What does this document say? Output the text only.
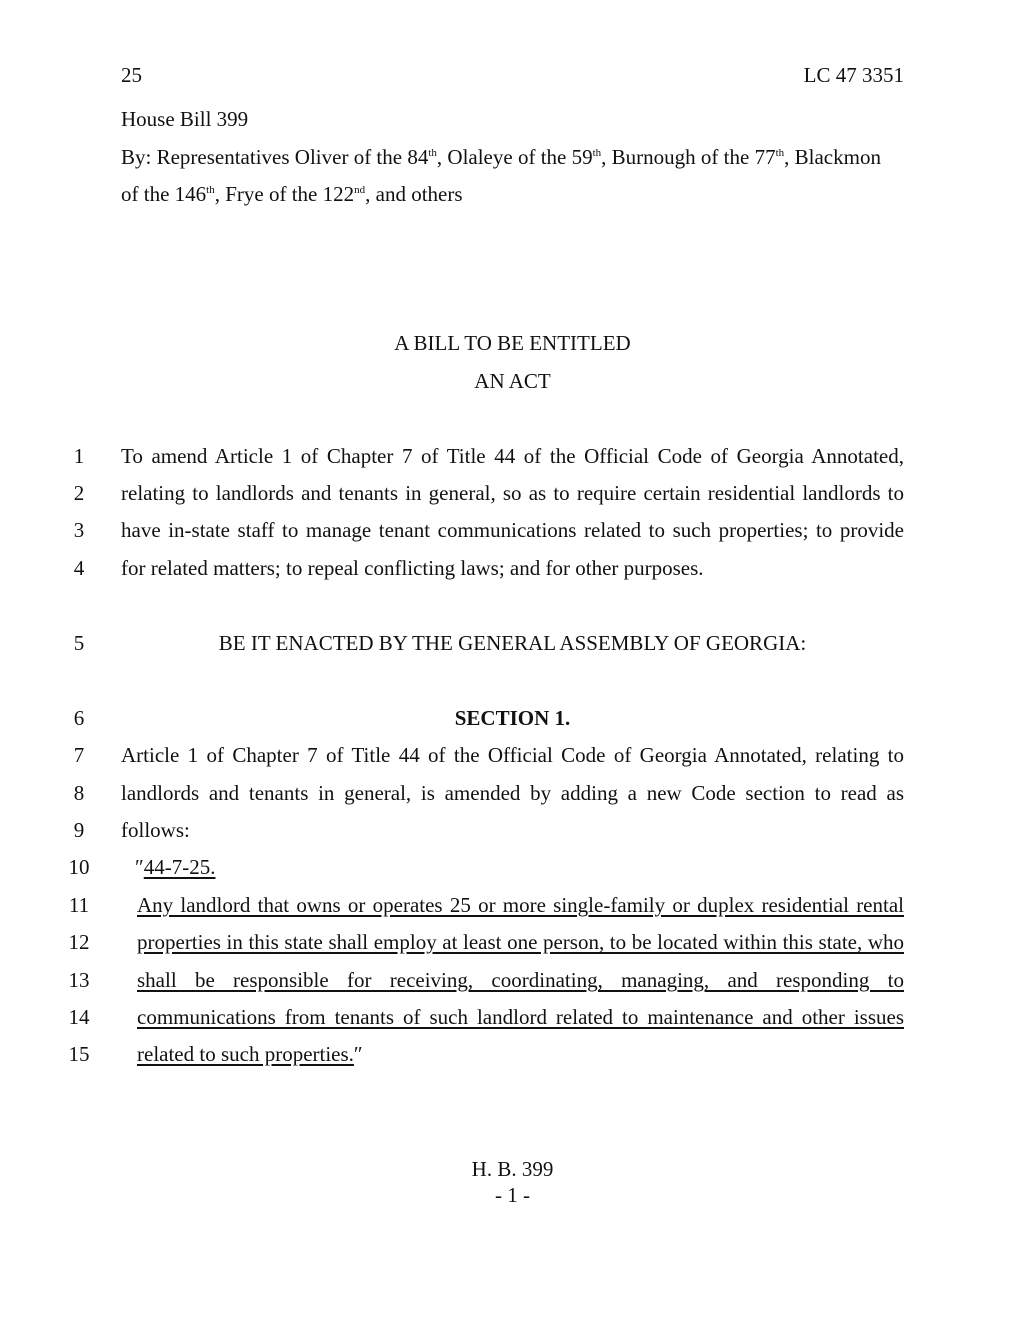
25	LC 47 3351
House Bill 399
By: Representatives Oliver of the 84th, Olaleye of the 59th, Burnough of the 77th, Blackmon
of the 146th, Frye of the 122nd, and others
A BILL TO BE ENTITLED
AN ACT
1	To amend Article 1 of Chapter 7 of Title 44 of the Official Code of Georgia Annotated,
2	relating to landlords and tenants in general, so as to require certain residential landlords to
3	have in-state staff to manage tenant communications related to such properties; to provide
4	for related matters; to repeal conflicting laws; and for other purposes.
5	BE IT ENACTED BY THE GENERAL ASSEMBLY OF GEORGIA:
6	SECTION 1.
7	Article 1 of Chapter 7 of Title 44 of the Official Code of Georgia Annotated, relating to
8	landlords and tenants in general, is amended by adding a new Code section to read as
9	follows:
10	″44-7-25.
11	Any landlord that owns or operates 25 or more single-family or duplex residential rental
12	properties in this state shall employ at least one person, to be located within this state, who
13	shall be responsible for receiving, coordinating, managing, and responding to
14	communications from tenants of such landlord related to maintenance and other issues
15	related to such properties.″
H. B. 399
- 1 -
